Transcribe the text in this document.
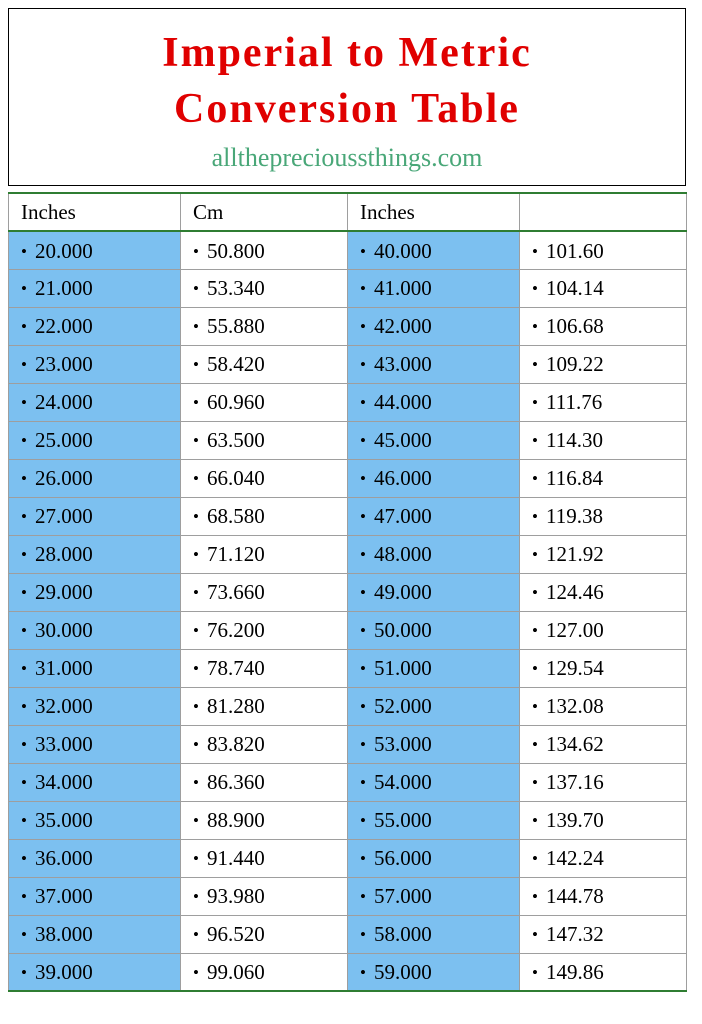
Imperial to Metric
Conversion Table
alltheprecioussthings.com
Inches	Cm	Inches	
• 20.000	• 50.800	• 40.000	• 101.60
• 21.000	• 53.340	• 41.000	• 104.14
• 22.000	• 55.880	• 42.000	• 106.68
• 23.000	• 58.420	• 43.000	• 109.22
• 24.000	• 60.960	• 44.000	• 111.76
• 25.000	• 63.500	• 45.000	• 114.30
• 26.000	• 66.040	• 46.000	• 116.84
• 27.000	• 68.580	• 47.000	• 119.38
• 28.000	• 71.120	• 48.000	• 121.92
• 29.000	• 73.660	• 49.000	• 124.46
• 30.000	• 76.200	• 50.000	• 127.00
• 31.000	• 78.740	• 51.000	• 129.54
• 32.000	• 81.280	• 52.000	• 132.08
• 33.000	• 83.820	• 53.000	• 134.62
• 34.000	• 86.360	• 54.000	• 137.16
• 35.000	• 88.900	• 55.000	• 139.70
• 36.000	• 91.440	• 56.000	• 142.24
• 37.000	• 93.980	• 57.000	• 144.78
• 38.000	• 96.520	• 58.000	• 147.32
• 39.000	• 99.060	• 59.000	• 149.86
